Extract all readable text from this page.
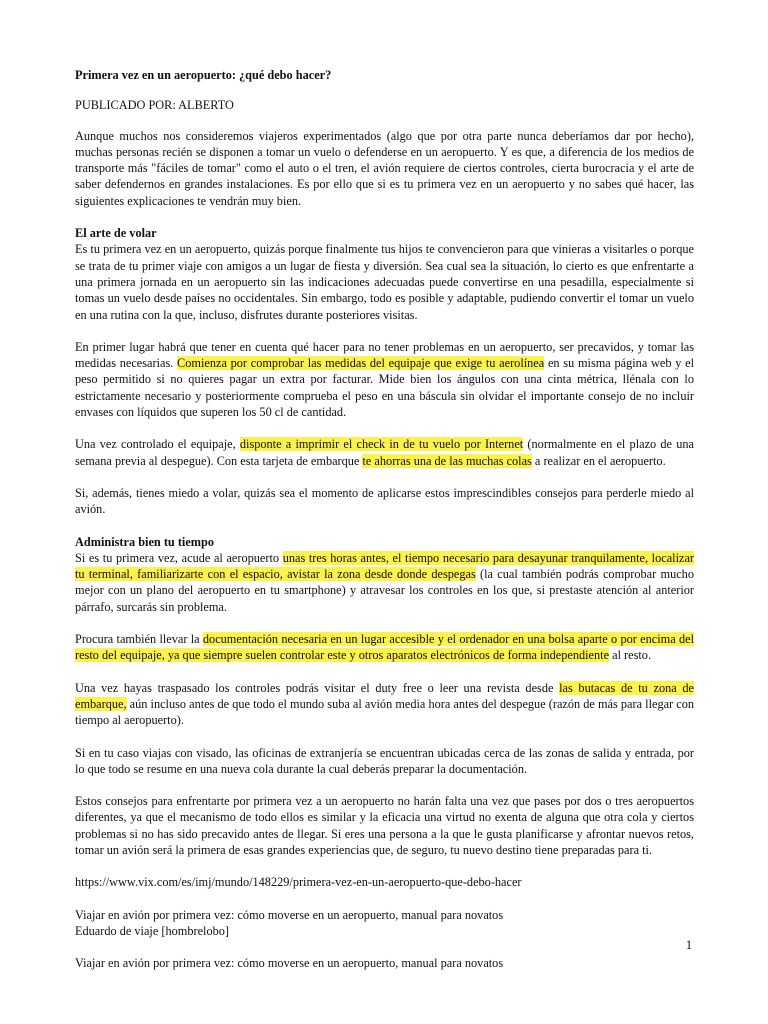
Primera vez en un aeropuerto: ¿qué debo hacer?

PUBLICADO POR: ALBERTO

Aunque muchos nos consideremos viajeros experimentados (algo que por otra parte nunca deberíamos dar por hecho), muchas personas recién se disponen a tomar un vuelo o defenderse en un aeropuerto. Y es que, a diferencia de los medios de transporte más "fáciles de tomar" como el auto o el tren, el avión requiere de ciertos controles, cierta burocracia y el arte de saber defendernos en grandes instalaciones. Es por ello que si es tu primera vez en un aeropuerto y no sabes qué hacer, las siguientes explicaciones te vendrán muy bien.

El arte de volar

Es tu primera vez en un aeropuerto, quizás porque finalmente tus hijos te convencieron para que vinieras a visitarles o porque se trata de tu primer viaje con amigos a un lugar de fiesta y diversión. Sea cual sea la situación, lo cierto es que enfrentarte a una primera jornada en un aeropuerto sin las indicaciones adecuadas puede convertirse en una pesadilla, especialmente si tomas un vuelo desde países no occidentales. Sin embargo, todo es posible y adaptable, pudiendo convertir el tomar un vuelo en una rutina con la que, incluso, disfrutes durante posteriores visitas.

En primer lugar habrá que tener en cuenta qué hacer para no tener problemas en un aeropuerto, ser precavidos, y tomar las medidas necesarias. Comienza por comprobar las medidas del equipaje que exige tu aerolínea en su misma página web y el peso permitido si no quieres pagar un extra por facturar. Mide bien los ángulos con una cinta métrica, llénala con lo estrictamente necesario y posteriormente comprueba el peso en una báscula sin olvidar el importante consejo de no incluir envases con líquidos que superen los 50 cl de cantidad.

Una vez controlado el equipaje, disponte a imprimir el check in de tu vuelo por Internet (normalmente en el plazo de una semana previa al despegue). Con esta tarjeta de embarque te ahorras una de las muchas colas a realizar en el aeropuerto.

Si, además, tienes miedo a volar, quizás sea el momento de aplicarse estos imprescindibles consejos para perderle miedo al avión.

Administra bien tu tiempo

Si es tu primera vez, acude al aeropuerto unas tres horas antes, el tiempo necesario para desayunar tranquilamente, localizar tu terminal, familiarizarte con el espacio, avistar la zona desde donde despegas (la cual también podrás comprobar mucho mejor con un plano del aeropuerto en tu smartphone) y atravesar los controles en los que, si prestaste atención al anterior párrafo, surcarás sin problema.

Procura también llevar la documentación necesaria en un lugar accesible y el ordenador en una bolsa aparte o por encima del resto del equipaje, ya que siempre suelen controlar este y otros aparatos electrónicos de forma independiente al resto.

Una vez hayas traspasado los controles podrás visitar el duty free o leer una revista desde las butacas de tu zona de embarque, aún incluso antes de que todo el mundo suba al avión media hora antes del despegue (razón de más para llegar con tiempo al aeropuerto).

Si en tu caso viajas con visado, las oficinas de extranjería se encuentran ubicadas cerca de las zonas de salida y entrada, por lo que todo se resume en una nueva cola durante la cual deberás preparar la documentación.

Estos consejos para enfrentarte por primera vez a un aeropuerto no harán falta una vez que pases por dos o tres aeropuertos diferentes, ya que el mecanismo de todo ellos es similar y la eficacia una virtud no exenta de alguna que otra cola y ciertos problemas si no has sido precavido antes de llegar. Si eres una persona a la que le gusta planificarse y afrontar nuevos retos, tomar un avión será la primera de esas grandes experiencias que, de seguro, tu nuevo destino tiene preparadas para ti.

https://www.vix.com/es/imj/mundo/148229/primera-vez-en-un-aeropuerto-que-debo-hacer

Viajar en avión por primera vez: cómo moverse en un aeropuerto, manual para novatos

Eduardo de viaje [hombrelobo]

Viajar en avión por primera vez: cómo moverse en un aeropuerto, manual para novatos

1
